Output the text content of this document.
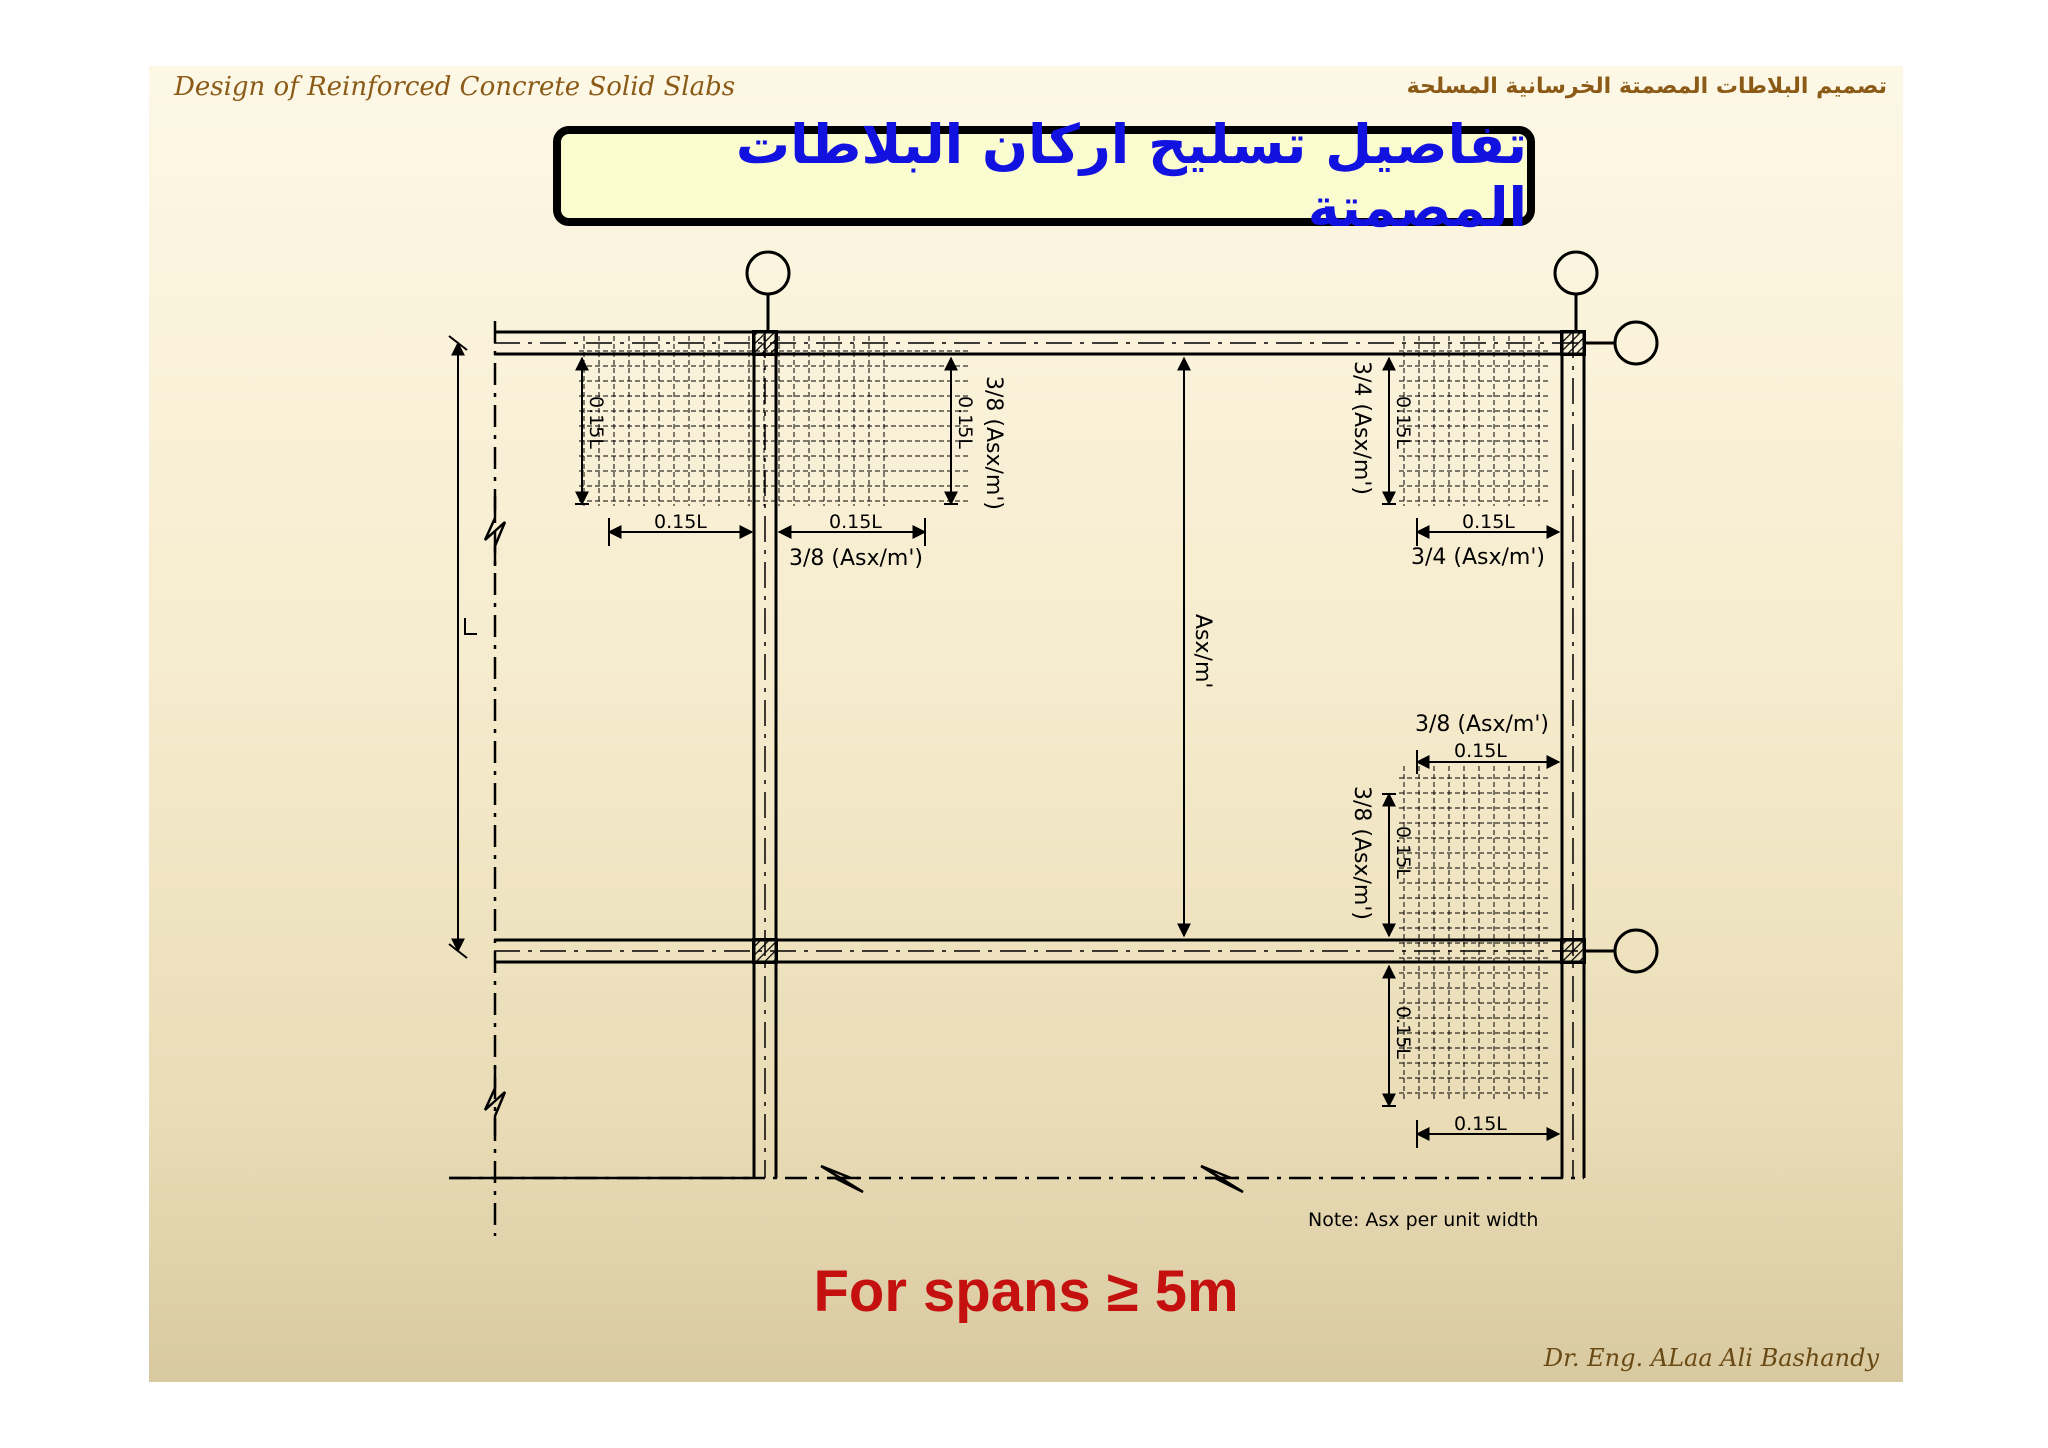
Design of Reinforced Concrete Solid Slabs	تصميم البلاطات المصمتة الخرسانية المسلحة
تفاصيل تسليح اركان البلاطات المصمتة
0.15L
0.15L	0.15L
0.15L 3/8 (Asx/m')
3/8 (Asx/m')
Asx/m'
0.15L
3/4 (Asx/m')
0.15L
3/4 (Asx/m')
3/8 (Asx/m')
0.15L
0.15L
3/8 (Asx/m')
0.15L
0.15L
Note: Asx per unit width
L
For spans ≥ 5m
Dr. Eng. ALaa Ali Bashandy
